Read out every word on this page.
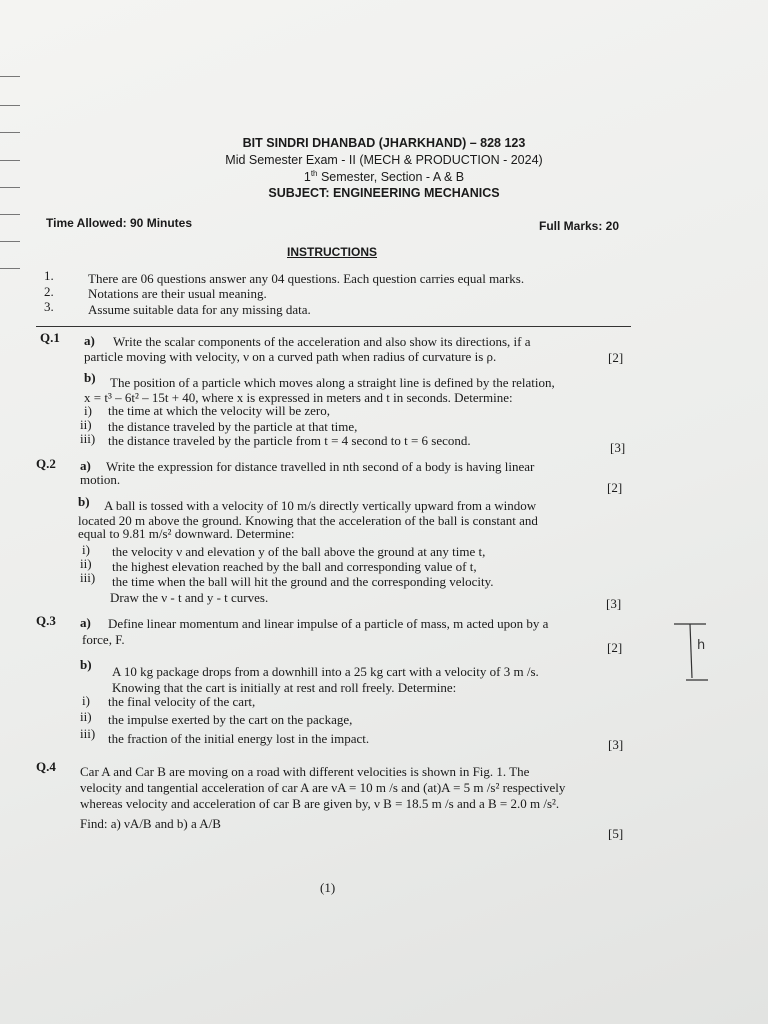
BIT SINDRI DHANBAD (JHARKHAND) – 828 123
Mid Semester Exam - II (MECH & PRODUCTION - 2024)
1th Semester, Section - A & B
SUBJECT: ENGINEERING MECHANICS
Time Allowed: 90 Minutes	Full Marks: 20
INSTRUCTIONS
1.	There are 06 questions answer any 04 questions. Each question carries equal marks.
2.	Notations are their usual meaning.
3.	Assume suitable data for any missing data.
Q.1 a) Write the scalar components of the acceleration and also show its directions, if a
particle moving with velocity, ν on a curved path when radius of curvature is ρ.	[2]
b) The position of a particle which moves along a straight line is defined by the relation,
x = t³ – 6t² – 15t + 40, where x is expressed in meters and t in seconds. Determine:
i) the time at which the velocity will be zero,
ii) the distance traveled by the particle at that time,
iii) the distance traveled by the particle from t = 4 second to t = 6 second.	[3]
Q.2 a) Write the expression for distance travelled in nth second of a body is having linear
motion.
[2]
b) A ball is tossed with a velocity of 10 m/s directly vertically upward from a window
located 20 m above the ground. Knowing that the acceleration of the ball is constant and
equal to 9.81 m/s² downward. Determine:
i) the velocity ν and elevation y of the ball above the ground at any time t,
ii) the highest elevation reached by the ball and corresponding value of t,
iii) the time when the ball will hit the ground and the corresponding velocity.
Draw the ν - t and y - t curves.	[3]
Q.3 a) Define linear momentum and linear impulse of a particle of mass, m acted upon by a
force, F.
[2]
b) A 10 kg package drops from a downhill into a 25 kg cart with a velocity of 3 m /s.
Knowing that the cart is initially at rest and roll freely. Determine:
i) the final velocity of the cart,
ii) the impulse exerted by the cart on the package,
iii) the fraction of the initial energy lost in the impact.	[3]
Q.4 Car A and Car B are moving on a road with different velocities is shown in Fig. 1. The
velocity and tangential acceleration of car A are νA = 10 m /s and (at)A = 5 m /s² respectively
whereas velocity and acceleration of car B are given by, ν B = 18.5 m /s and a B = 2.0 m /s².
Find: a) νA/B and b) a A/B
[5]
(1)
h
